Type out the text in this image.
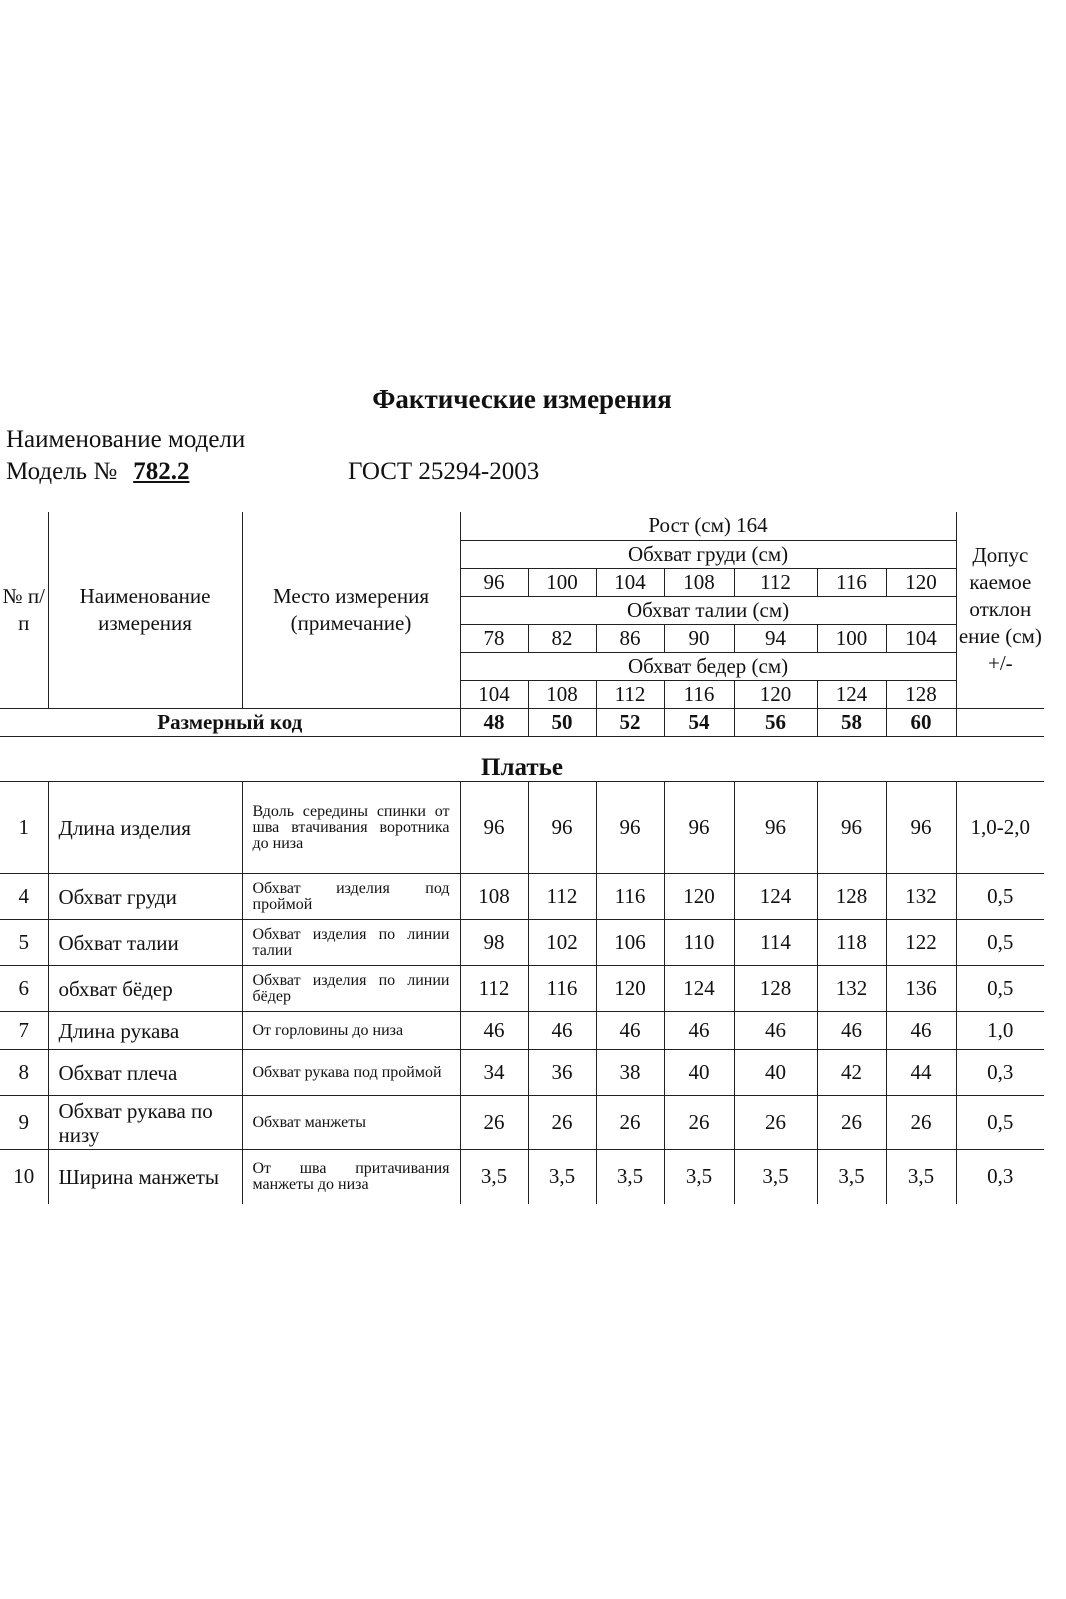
Фактические измерения
Наименование модели
Модель № 782.2	ГОСТ 25294-2003
№ п/п	Наименование измерения	Место измерения (примечание)	Рост (см) 164							Допус каемое отклон ение (см) +/-
			Обхват груди (см)							
			96	100	104	108	112	116	120	
			Обхват талии (см)							
			78	82	86	90	94	100	104	
			Обхват бедер (см)							
			104	108	112	116	120	124	128	
Размерный код			48	50	52	54	56	58	60	
Платье
1	Длина изделия	Вдоль середины спинки от шва втачивания воротника до низа	96	96	96	96	96	96	96	1,0-2,0
4	Обхват груди	Обхват изделия под проймой	108	112	116	120	124	128	132	0,5
5	Обхват талии	Обхват изделия по линии талии	98	102	106	110	114	118	122	0,5
6	обхват бёдер	Обхват изделия по линии бёдер	112	116	120	124	128	132	136	0,5
7	Длина рукава	От горловины до низа	46	46	46	46	46	46	46	1,0
8	Обхват плеча	Обхват рукава под проймой	34	36	38	40	40	42	44	0,3
9	Обхват рукава по низу	Обхват манжеты	26	26	26	26	26	26	26	0,5
10	Ширина манжеты	От шва притачивания манжеты до низа	3,5	3,5	3,5	3,5	3,5	3,5	3,5	0,3
